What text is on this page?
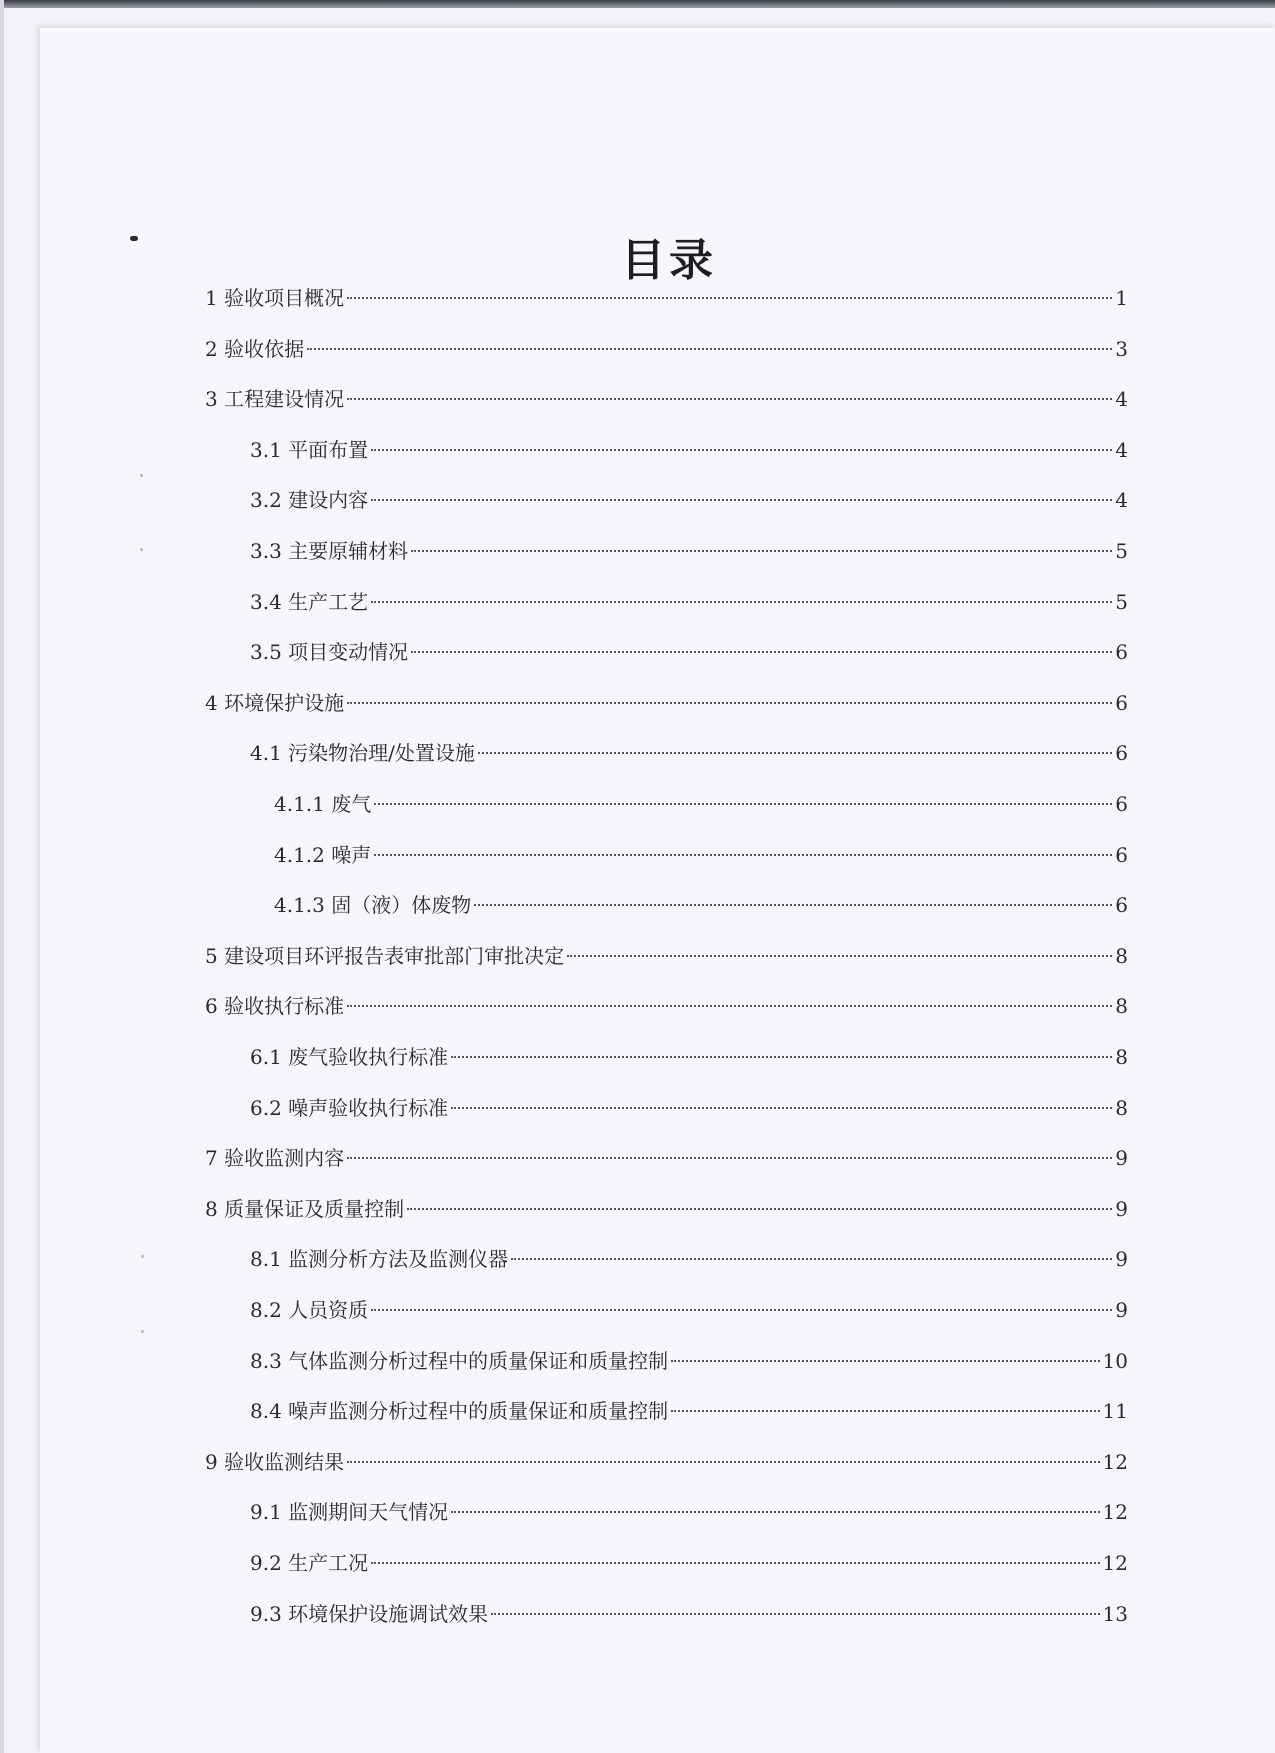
目录
1 验收项目概况	1
2 验收依据	3
3 工程建设情况	4
3.1 平面布置	4
3.2 建设内容	4
3.3 主要原辅材料	5
3.4 生产工艺	5
3.5 项目变动情况	6
4 环境保护设施	6
4.1 污染物治理/处置设施	6
4.1.1 废气	6
4.1.2 噪声	6
4.1.3 固（液）体废物	6
5 建设项目环评报告表审批部门审批决定	8
6 验收执行标准	8
6.1 废气验收执行标准	8
6.2 噪声验收执行标准	8
7 验收监测内容	9
8 质量保证及质量控制	9
8.1 监测分析方法及监测仪器	9
8.2 人员资质	9
8.3 气体监测分析过程中的质量保证和质量控制	10
8.4 噪声监测分析过程中的质量保证和质量控制	11
9 验收监测结果	12
9.1 监测期间天气情况	12
9.2 生产工况	12
9.3 环境保护设施调试效果	13
